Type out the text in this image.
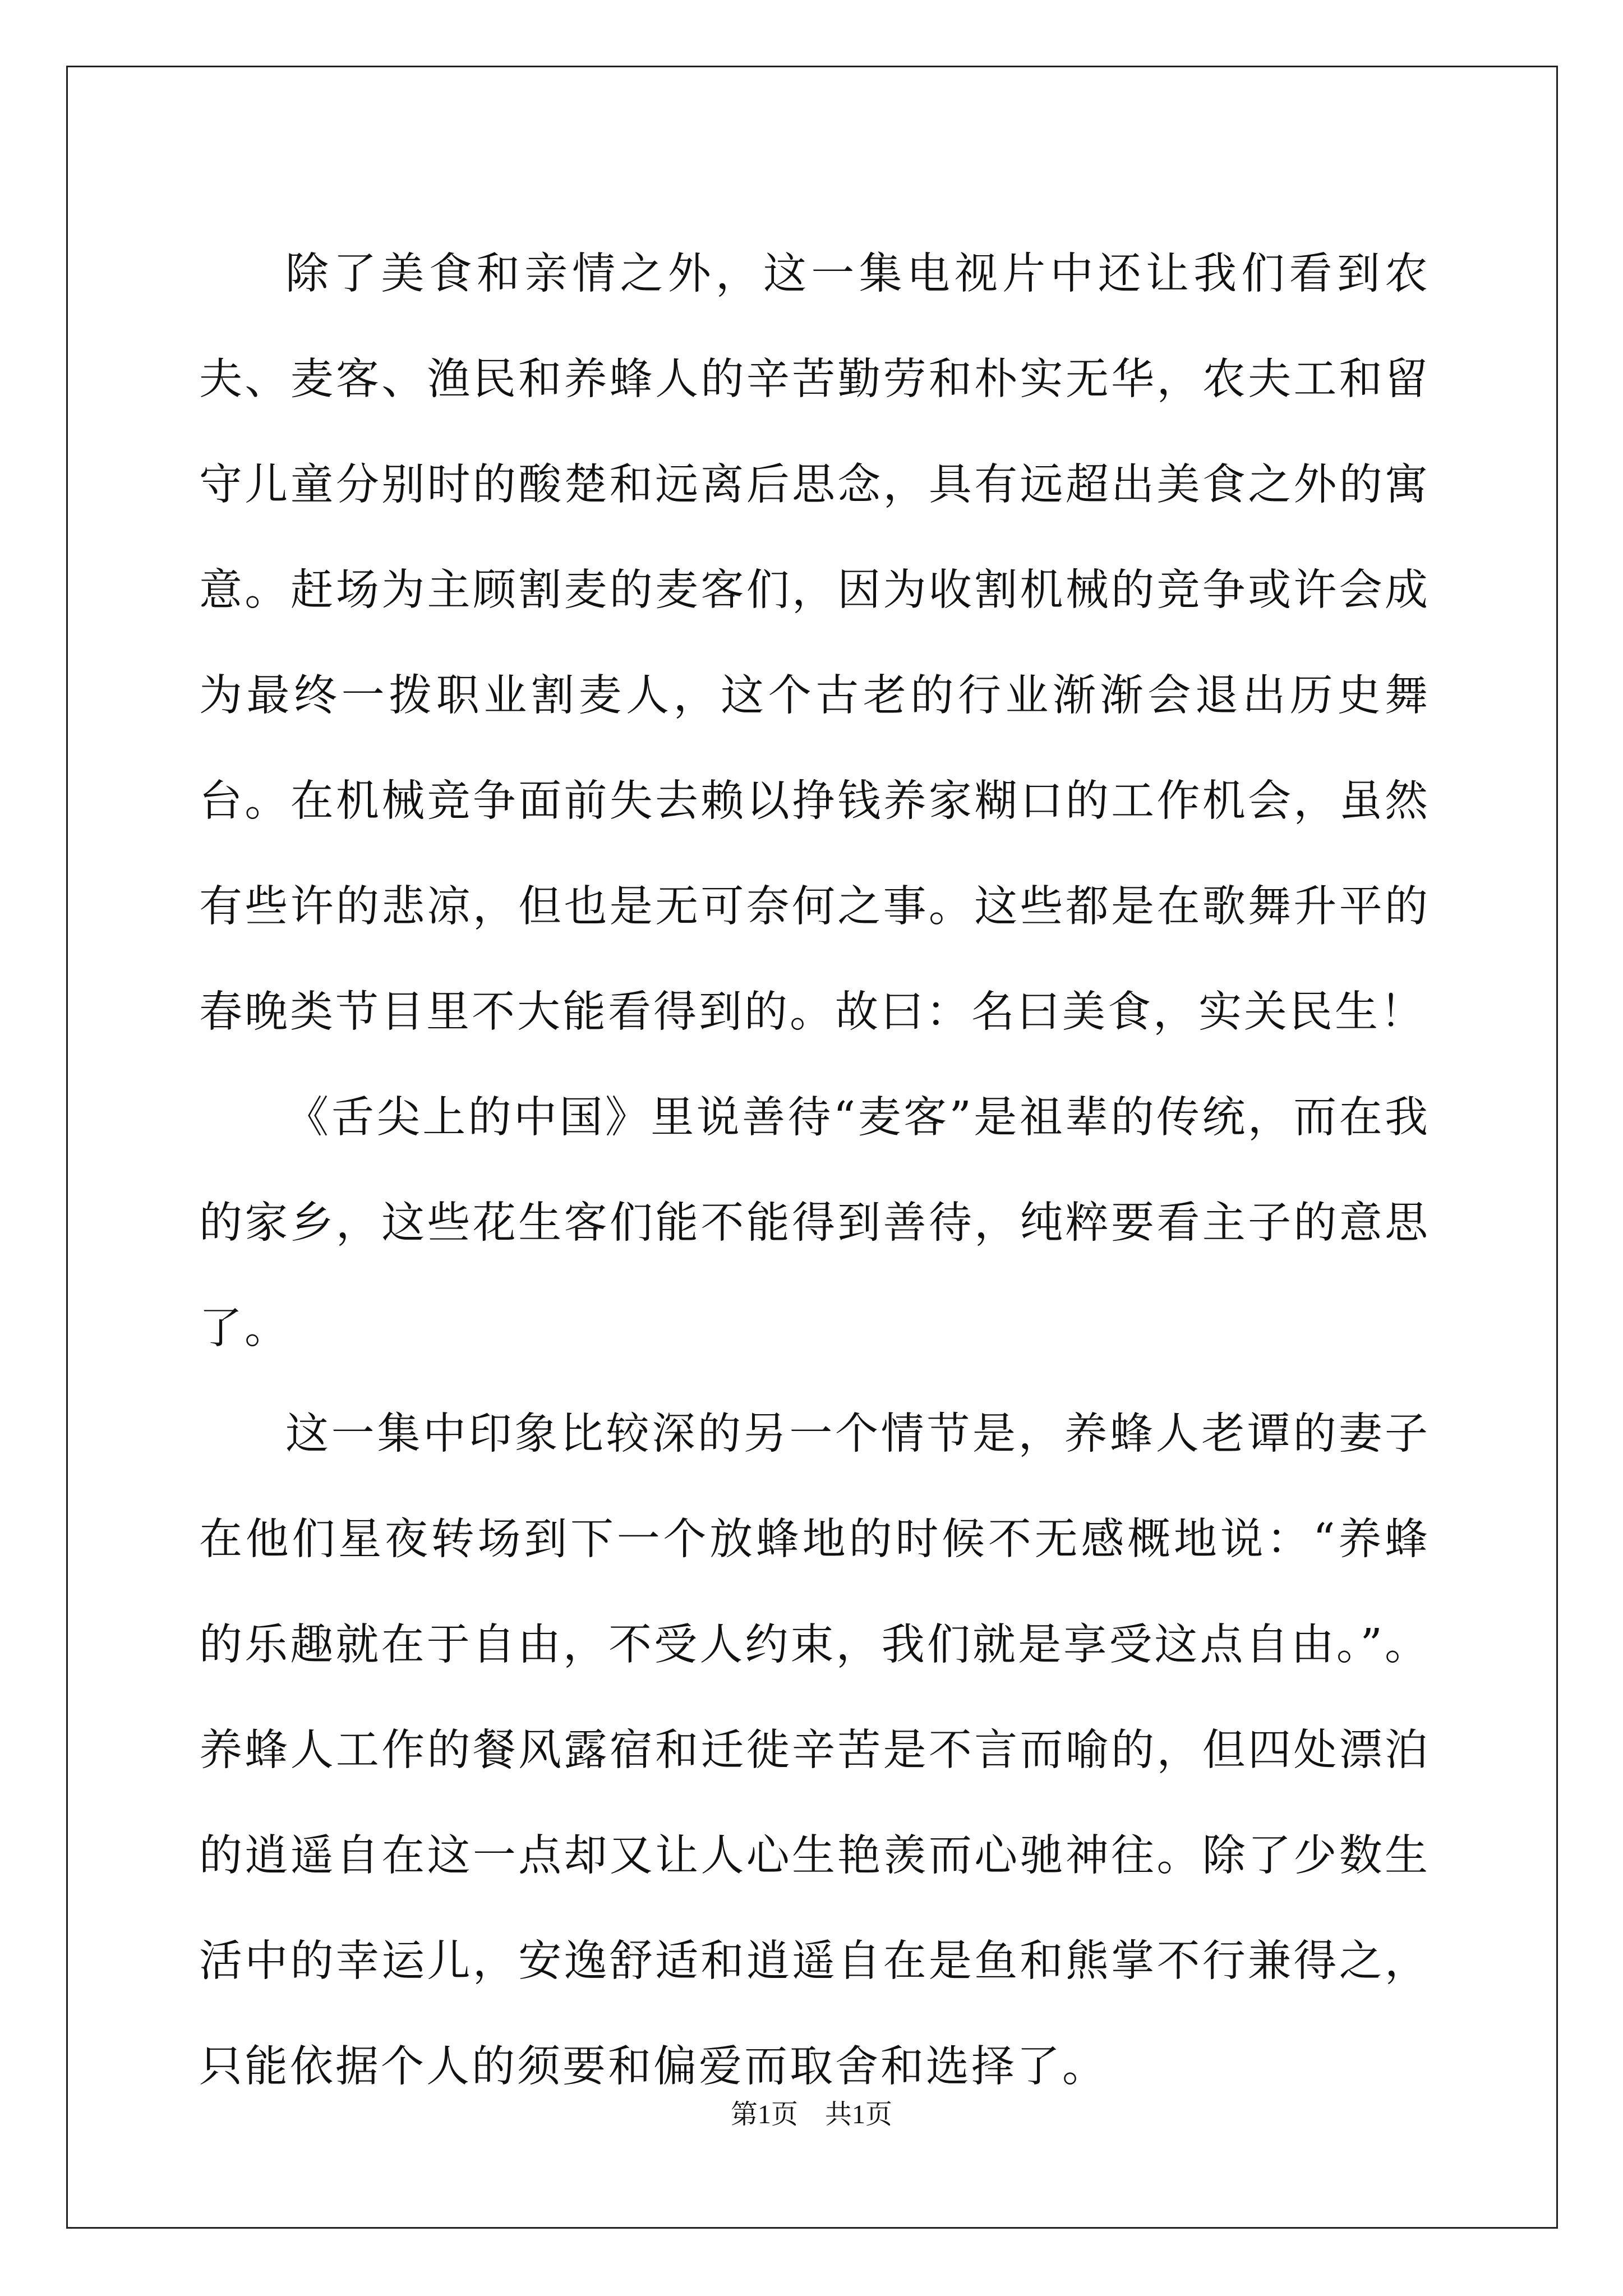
除了美食和亲情之外，这一集电视片中还让我们看到农夫、麦客、渔民和养蜂人的辛苦勤劳和朴实无华，农夫工和留守儿童分别时的酸楚和远离后思念，具有远超出美食之外的寓意。赶场为主顾割麦的麦客们，因为收割机械的竞争或许会成为最终一拨职业割麦人，这个古老的行业渐渐会退出历史舞台。在机械竞争面前失去赖以挣钱养家糊口的工作机会，虽然有些许的悲凉，但也是无可奈何之事。这些都是在歌舞升平的春晚类节目里不大能看得到的。故曰：名曰美食，实关民生！

《舌尖上的中国》里说善待“麦客”是祖辈的传统，而在我的家乡，这些花生客们能不能得到善待，纯粹要看主子的意思了。

这一集中印象比较深的另一个情节是，养蜂人老谭的妻子在他们星夜转场到下一个放蜂地的时候不无感概地说：“养蜂的乐趣就在于自由，不受人约束，我们就是享受这点自由。”。养蜂人工作的餐风露宿和迁徙辛苦是不言而喻的，但四处漂泊的逍遥自在这一点却又让人心生艳羡而心驰神往。除了少数生活中的幸运儿，安逸舒适和逍遥自在是鱼和熊掌不行兼得之，只能依据个人的须要和偏爱而取舍和选择了。

第1页　共1页
